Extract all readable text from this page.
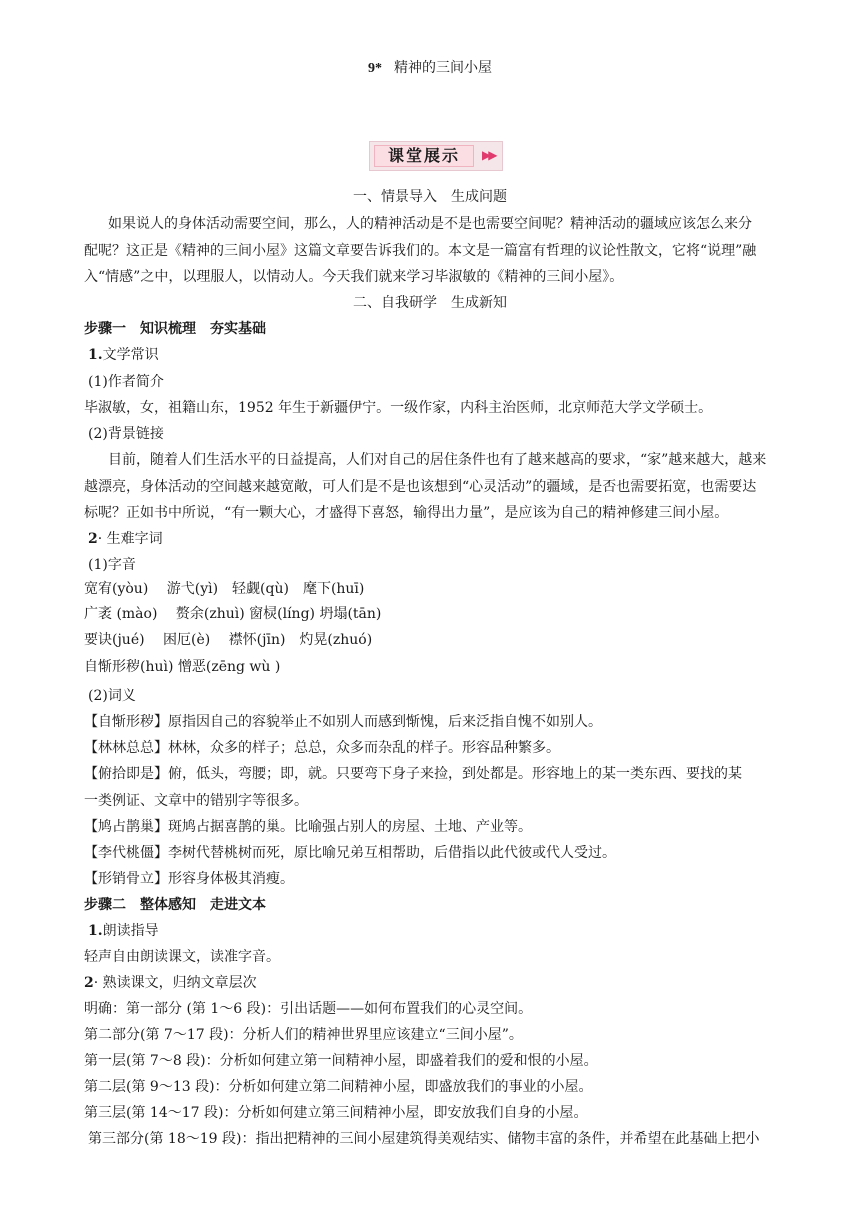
9* 精神的三间小屋
课堂展示	▶▶
一、情景导入　生成问题
如果说人的身体活动需要空间，那么，人的精神活动是不是也需要空间呢？精神活动的疆域应该怎么来分
配呢？这正是《精神的三间小屋》这篇文章要告诉我们的。本文是一篇富有哲理的议论性散文，它将“说理”融
入“情感”之中，以理服人，以情动人。今天我们就来学习毕淑敏的《精神的三间小屋》。
二、自我研学　生成新知
步骤一　知识梳理　夯实基础
1.文学常识
(1)作者简介
毕淑敏，女，祖籍山东，1952 年生于新疆伊宁。一级作家，内科主治医师，北京师范大学文学硕士。
(2)背景链接
目前，随着人们生活水平的日益提高，人们对自己的居住条件也有了越来越高的要求，“家”越来越大，越来
越漂亮，身体活动的空间越来越宽敞，可人们是不是也该想到“心灵活动”的疆域，是否也需要拓宽，也需要达
标呢？正如书中所说，“有一颗大心，才盛得下喜怒，输得出力量”，是应该为自己的精神修建三间小屋。
2· 生难字词
(1)字音
宽宥(yòu)　 游弋(yì)　轻觑(qù)　麾下(huī)
广袤 (mào)　 赘余(zhuì) 窗棂(líng) 坍塌(tān)
要诀(jué)　 困厄(è)　 襟怀(jīn)　灼晃(zhuó)
自惭形秽(huì) 憎恶(zēng wù )
(2)词义
【自惭形秽】原指因自己的容貌举止不如别人而感到惭愧，后来泛指自愧不如别人。
【林林总总】林林，众多的样子；总总，众多而杂乱的样子。形容品种繁多。
【俯拾即是】俯，低头，弯腰；即，就。只要弯下身子来捡，到处都是。形容地上的某一类东西、要找的某
一类例证、文章中的错别字等很多。
【鸠占鹊巢】斑鸠占据喜鹊的巢。比喻强占别人的房屋、土地、产业等。
【李代桃僵】李树代替桃树而死，原比喻兄弟互相帮助，后借指以此代彼或代人受过。
【形销骨立】形容身体极其消瘦。
步骤二　整体感知　走进文本
1.朗读指导
轻声自由朗读课文，读准字音。
2· 熟读课文，归纳文章层次
明确：第一部分 (第 1～6 段)：引出话题——如何布置我们的心灵空间。
第二部分(第 7～17 段)：分析人们的精神世界里应该建立“三间小屋”。
第一层(第 7～8 段)：分析如何建立第一间精神小屋，即盛着我们的爱和恨的小屋。
第二层(第 9～13 段)：分析如何建立第二间精神小屋，即盛放我们的事业的小屋。
第三层(第 14～17 段)：分析如何建立第三间精神小屋，即安放我们自身的小屋。
第三部分(第 18～19 段)：指出把精神的三间小屋建筑得美观结实、储物丰富的条件，并希望在此基础上把小
